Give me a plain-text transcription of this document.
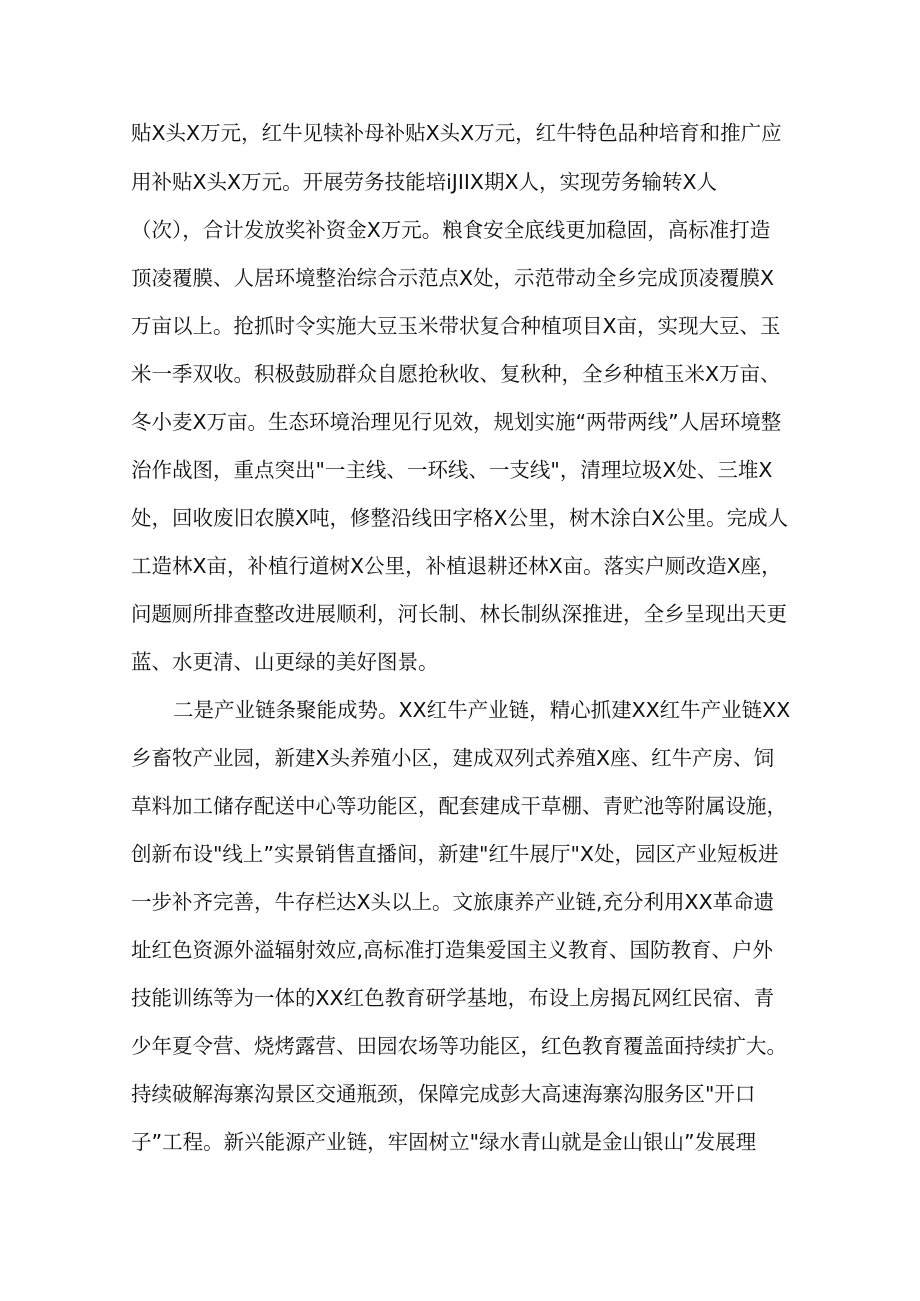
贴X头X万元，红牛见犊补母补贴X头X万元，红牛特色品种培育和推广应
用补贴X头X万元。开展劳务技能培iJIIX期X人，实现劳务输转X人
（次），合计发放奖补资金X万元。粮食安全底线更加稳固，高标准打造
顶凌覆膜、人居环境整治综合示范点X处，示范带动全乡完成顶凌覆膜X
万亩以上。抢抓时令实施大豆玉米带状复合种植项目X亩，实现大豆、玉
米一季双收。积极鼓励群众自愿抢秋收、复秋种，全乡种植玉米X万亩、
冬小麦X万亩。生态环境治理见行见效，规划实施“两带两线”人居环境整
治作战图，重点突出"一主线、一环线、一支线"，清理垃圾X处、三堆X
处，回收废旧农膜X吨，修整沿线田字格X公里，树木涂白X公里。完成人
工造林X亩，补植行道树X公里，补植退耕还林X亩。落实户厕改造X座，
问题厕所排查整改进展顺利，河长制、林长制纵深推进，全乡呈现出天更
蓝、水更清、山更绿的美好图景。
二是产业链条聚能成势。XX红牛产业链，精心抓建XX红牛产业链XX
乡畜牧产业园，新建X头养殖小区，建成双列式养殖X座、红牛产房、饲
草料加工储存配送中心等功能区，配套建成干草棚、青贮池等附属设施，
创新布设"线上”实景销售直播间，新建"红牛展厅"X处，园区产业短板进
一步补齐完善，牛存栏达X头以上。文旅康养产业链,充分利用XX革命遗
址红色资源外溢辐射效应,高标准打造集爱国主义教育、国防教育、户外
技能训练等为一体的XX红色教育研学基地，布设上房揭瓦网红民宿、青
少年夏令营、烧烤露营、田园农场等功能区，红色教育覆盖面持续扩大。
持续破解海寨沟景区交通瓶颈，保障完成彭大高速海寨沟服务区"开口
子”工程。新兴能源产业链，牢固树立"绿水青山就是金山银山”发展理
